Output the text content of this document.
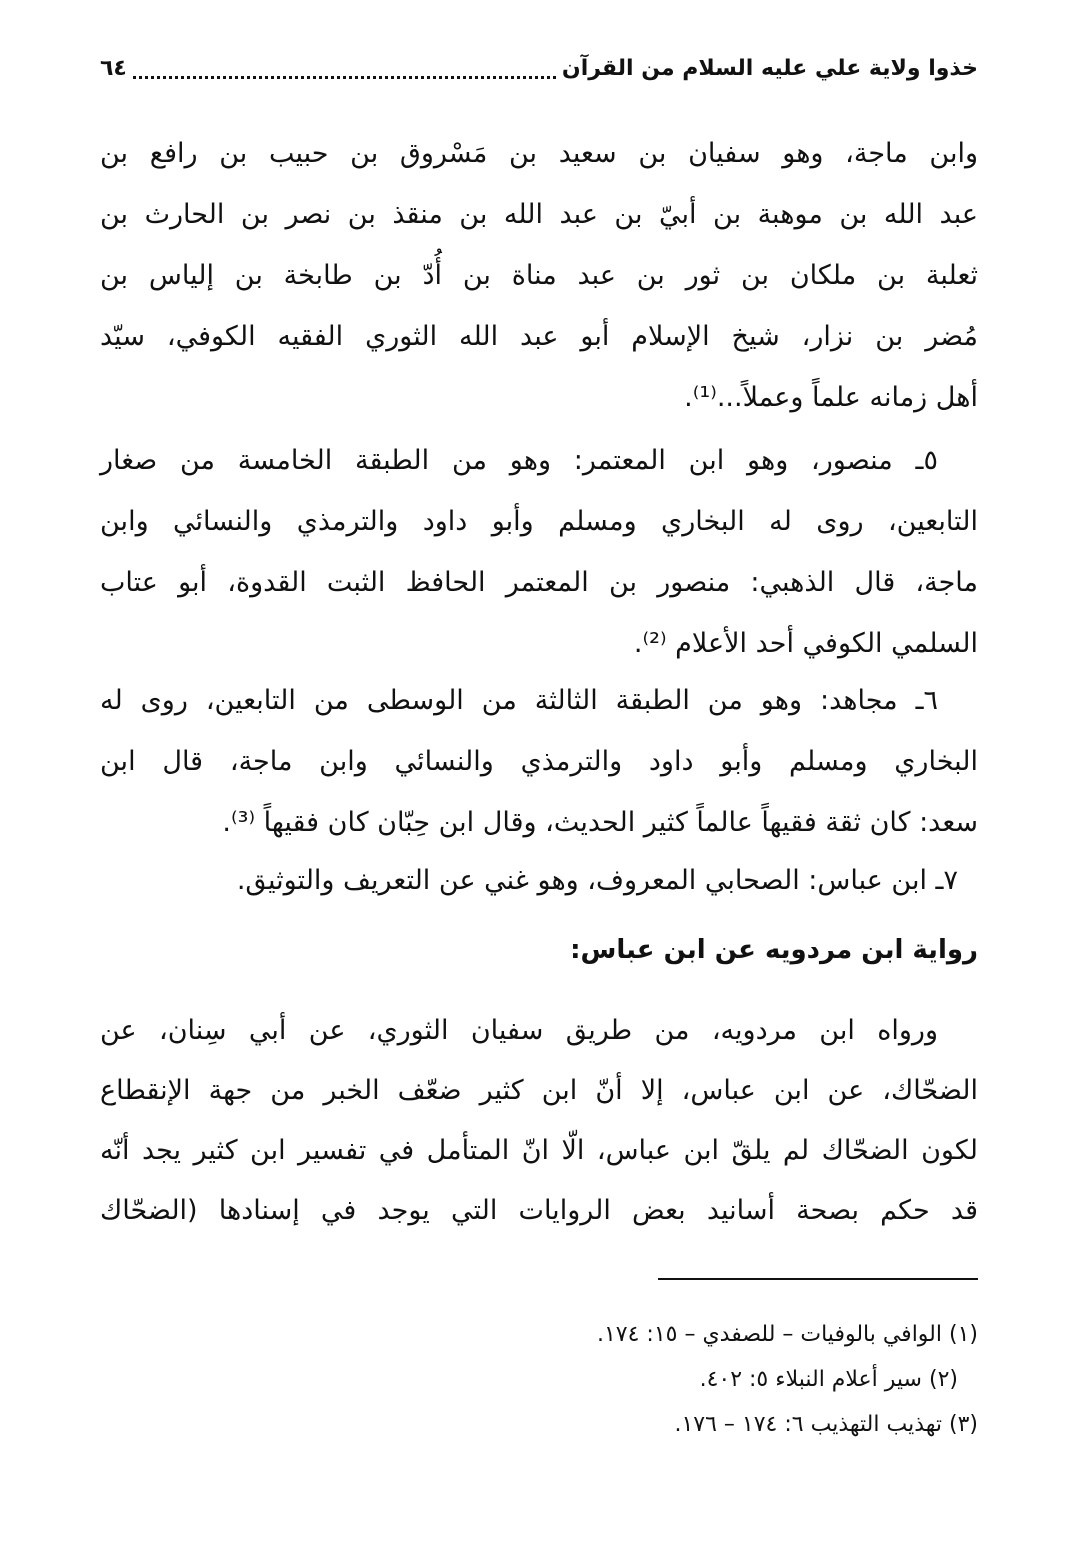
خذوا ولاية علي عليه السلام من القرآن
٦٤
وابن ماجة، وهو سفيان بن سعيد بن مَسْروق بن حبيب بن رافع بن
عبد الله بن موهبة بن أبيّ بن عبد الله بن منقذ بن نصر بن الحارث بن
ثعلبة بن ملكان بن ثور بن عبد مناة بن أُدّ بن طابخة بن إلياس بن
مُضر بن نزار، شيخ الإسلام أبو عبد الله الثوري الفقيه الكوفي، سيّد
أهل زمانه علماً وعملاً...⁽¹⁾.
٥ـ منصور، وهو ابن المعتمر: وهو من الطبقة الخامسة من صغار
التابعين، روى له البخاري ومسلم وأبو داود والترمذي والنسائي وابن
ماجة، قال الذهبي: منصور بن المعتمر الحافظ الثبت القدوة، أبو عتاب
السلمي الكوفي أحد الأعلام ⁽²⁾.
٦ـ مجاهد: وهو من الطبقة الثالثة من الوسطى من التابعين، روى له
البخاري ومسلم وأبو داود والترمذي والنسائي وابن ماجة، قال ابن
سعد: كان ثقة فقيهاً عالماً كثير الحديث، وقال ابن حِبّان كان فقيهاً ⁽³⁾.
٧ـ ابن عباس: الصحابي المعروف، وهو غني عن التعريف والتوثيق.
رواية ابن مردويه عن ابن عباس:
ورواه ابن مردويه، من طريق سفيان الثوري، عن أبي سِنان، عن
الضحّاك، عن ابن عباس، إلا أنّ ابن كثير ضعّف الخبر من جهة الإنقطاع
لكون الضحّاك لم يلقّ ابن عباس، الّا انّ المتأمل في تفسير ابن كثير يجد أنّه
قد حكم بصحة أسانيد بعض الروايات التي يوجد في إسنادها (الضحّاك
(١) الوافي بالوفيات – للصفدي – ١٥: ١٧٤.
(٢) سير أعلام النبلاء ٥: ٤٠٢.
(٣) تهذيب التهذيب ٦: ١٧٤ – ١٧٦.
